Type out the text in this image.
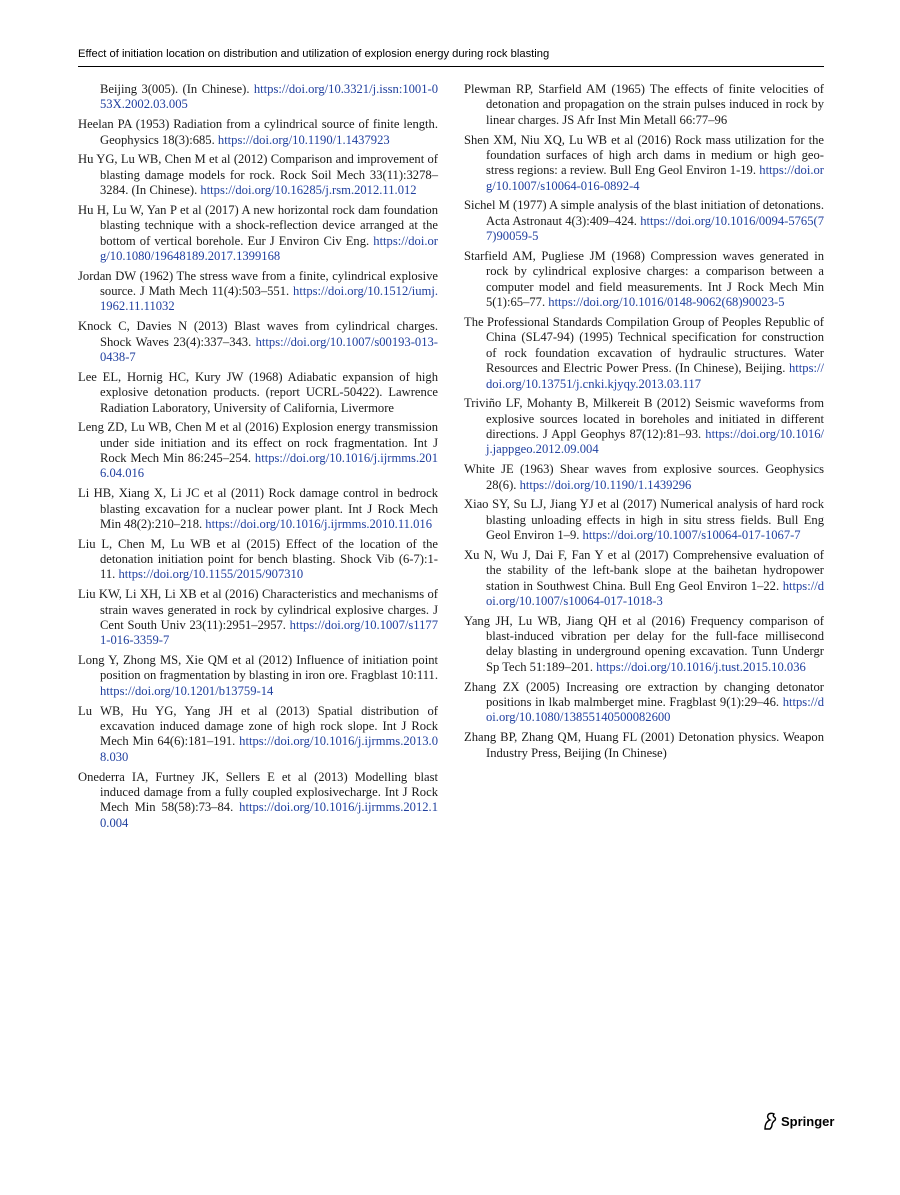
Effect of initiation location on distribution and utilization of explosion energy during rock blasting

Beijing 3(005). (In Chinese). https://doi.org/10.3321/j.issn:1001-053X.2002.03.005

Heelan PA (1953) Radiation from a cylindrical source of finite length. Geophysics 18(3):685. https://doi.org/10.1190/1.1437923

Hu YG, Lu WB, Chen M et al (2012) Comparison and improvement of blasting damage models for rock. Rock Soil Mech 33(11):3278–3284. (In Chinese). https://doi.org/10.16285/j.rsm.2012.11.012

Hu H, Lu W, Yan P et al (2017) A new horizontal rock dam foundation blasting technique with a shock-reflection device arranged at the bottom of vertical borehole. Eur J Environ Civ Eng. https://doi.org/10.1080/19648189.2017.1399168

Jordan DW (1962) The stress wave from a finite, cylindrical explosive source. J Math Mech 11(4):503–551. https://doi.org/10.1512/iumj.1962.11.11032

Knock C, Davies N (2013) Blast waves from cylindrical charges. Shock Waves 23(4):337–343. https://doi.org/10.1007/s00193-013-0438-7

Lee EL, Hornig HC, Kury JW (1968) Adiabatic expansion of high explosive detonation products. (report UCRL-50422). Lawrence Radiation Laboratory, University of California, Livermore

Leng ZD, Lu WB, Chen M et al (2016) Explosion energy transmission under side initiation and its effect on rock fragmentation. Int J Rock Mech Min 86:245–254. https://doi.org/10.1016/j.ijrmms.2016.04.016

Li HB, Xiang X, Li JC et al (2011) Rock damage control in bedrock blasting excavation for a nuclear power plant. Int J Rock Mech Min 48(2):210–218. https://doi.org/10.1016/j.ijrmms.2010.11.016

Liu L, Chen M, Lu WB et al (2015) Effect of the location of the detonation initiation point for bench blasting. Shock Vib (6-7):1-11. https://doi.org/10.1155/2015/907310

Liu KW, Li XH, Li XB et al (2016) Characteristics and mechanisms of strain waves generated in rock by cylindrical explosive charges. J Cent South Univ 23(11):2951–2957. https://doi.org/10.1007/s11771-016-3359-7

Long Y, Zhong MS, Xie QM et al (2012) Influence of initiation point position on fragmentation by blasting in iron ore. Fragblast 10:111. https://doi.org/10.1201/b13759-14

Lu WB, Hu YG, Yang JH et al (2013) Spatial distribution of excavation induced damage zone of high rock slope. Int J Rock Mech Min 64(6):181–191. https://doi.org/10.1016/j.ijrmms.2013.08.030

Onederra IA, Furtney JK, Sellers E et al (2013) Modelling blast induced damage from a fully coupled explosivecharge. Int J Rock Mech Min 58(58):73–84. https://doi.org/10.1016/j.ijrmms.2012.10.004

Plewman RP, Starfield AM (1965) The effects of finite velocities of detonation and propagation on the strain pulses induced in rock by linear charges. JS Afr Inst Min Metall 66:77–96

Shen XM, Niu XQ, Lu WB et al (2016) Rock mass utilization for the foundation surfaces of high arch dams in medium or high geo-stress regions: a review. Bull Eng Geol Environ 1-19. https://doi.org/10.1007/s10064-016-0892-4

Sichel M (1977) A simple analysis of the blast initiation of detonations. Acta Astronaut 4(3):409–424. https://doi.org/10.1016/0094-5765(77)90059-5

Starfield AM, Pugliese JM (1968) Compression waves generated in rock by cylindrical explosive charges: a comparison between a computer model and field measurements. Int J Rock Mech Min 5(1):65–77. https://doi.org/10.1016/0148-9062(68)90023-5

The Professional Standards Compilation Group of Peoples Republic of China (SL47-94) (1995) Technical specification for construction of rock foundation excavation of hydraulic structures. Water Resources and Electric Power Press. (In Chinese), Beijing. https://doi.org/10.13751/j.cnki.kjyqy.2013.03.117

Triviño LF, Mohanty B, Milkereit B (2012) Seismic waveforms from explosive sources located in boreholes and initiated in different directions. J Appl Geophys 87(12):81–93. https://doi.org/10.1016/j.jappgeo.2012.09.004

White JE (1963) Shear waves from explosive sources. Geophysics 28(6). https://doi.org/10.1190/1.1439296

Xiao SY, Su LJ, Jiang YJ et al (2017) Numerical analysis of hard rock blasting unloading effects in high in situ stress fields. Bull Eng Geol Environ 1–9. https://doi.org/10.1007/s10064-017-1067-7

Xu N, Wu J, Dai F, Fan Y et al (2017) Comprehensive evaluation of the stability of the left-bank slope at the baihetan hydropower station in Southwest China. Bull Eng Geol Environ 1–22. https://doi.org/10.1007/s10064-017-1018-3

Yang JH, Lu WB, Jiang QH et al (2016) Frequency comparison of blast-induced vibration per delay for the full-face millisecond delay blasting in underground opening excavation. Tunn Undergr Sp Tech 51:189–201. https://doi.org/10.1016/j.tust.2015.10.036

Zhang ZX (2005) Increasing ore extraction by changing detonator positions in lkab malmberget mine. Fragblast 9(1):29–46. https://doi.org/10.1080/13855140500082600

Zhang BP, Zhang QM, Huang FL (2001) Detonation physics. Weapon Industry Press, Beijing (In Chinese)

Springer
